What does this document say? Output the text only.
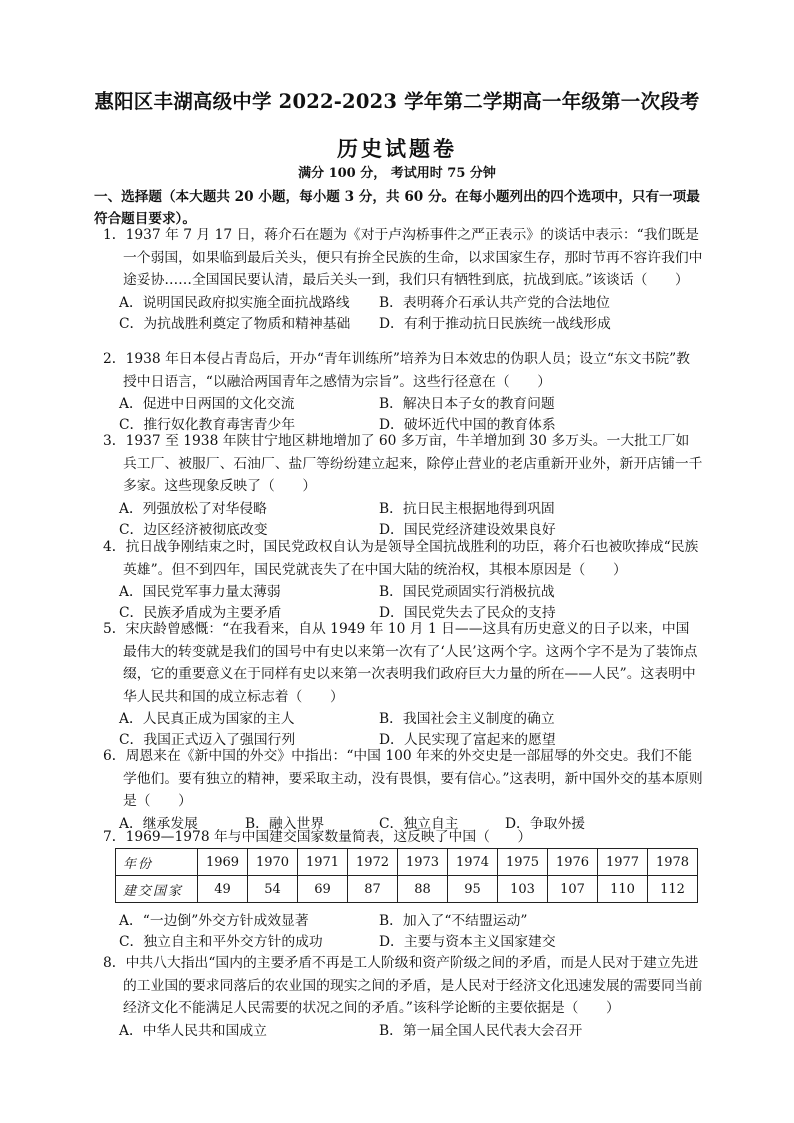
惠阳区丰湖高级中学 2022-2023 学年第二学期高一年级第一次段考
历史试题卷
满分 100 分， 考试用时 75 分钟
一、选择题（本大题共 20 小题，每小题 3 分，共 60 分。在每小题列出的四个选项中，只有一项最符合题目要求）。
1．1937 年 7 月 17 日，蒋介石在题为《对于卢沟桥事件之严正表示》的谈话中表示：“我们既是一个弱国，如果临到最后关头，便只有拚全民族的生命，以求国家生存，那时节再不容许我们中途妥协……全国国民要认清，最后关头一到，我们只有牺牲到底，抗战到底。”该谈话（　　）
A．说明国民政府拟实施全面抗战路线 B．表明蒋介石承认共产党的合法地位
C．为抗战胜利奠定了物质和精神基础 D．有利于推动抗日民族统一战线形成
2．1938 年日本侵占青岛后，开办“青年训练所”培养为日本效忠的伪职人员；设立“东文书院”教授中日语言，“以融洽两国青年之感情为宗旨”。这些行径意在（　　）
A．促进中日两国的文化交流	B．解决日本子女的教育问题
C．推行奴化教育毒害青少年	D．破坏近代中国的教育体系
3．1937 至 1938 年陕甘宁地区耕地增加了 60 多万亩，牛羊增加到 30 多万头。一大批工厂如兵工厂、被服厂、石油厂、盐厂等纷纷建立起来，除停止营业的老店重新开业外，新开店铺一千多家。这些现象反映了（　　）
A．列强放松了对华侵略	B．抗日民主根据地得到巩固
C．边区经济被彻底改变	D．国民党经济建设效果良好
4．抗日战争刚结束之时，国民党政权自认为是领导全国抗战胜利的功臣，蒋介石也被吹捧成“民族英雄”。但不到四年，国民党就丧失了在中国大陆的统治权，其根本原因是（　　）
A．国民党军事力量太薄弱	B．国民党顽固实行消极抗战
C．民族矛盾成为主要矛盾	D．国民党失去了民众的支持
5．宋庆龄曾感慨：“在我看来，自从 1949 年 10 月 1 日——这具有历史意义的日子以来，中国最伟大的转变就是我们的国号中有史以来第一次有了‘人民’这两个字。这两个字不是为了装饰点缀，它的重要意义在于同样有史以来第一次表明我们政府巨大力量的所在——人民”。这表明中华人民共和国的成立标志着（　　）
A．人民真正成为国家的主人	B．我国社会主义制度的确立
C．我国正式迈入了强国行列	D．人民实现了富起来的愿望
6．周恩来在《新中国的外交》中指出：“中国 100 年来的外交史是一部屈辱的外交史。我们不能学他们。要有独立的精神，要采取主动，没有畏惧，要有信心。”这表明，新中国外交的基本原则是（　　）
A．继承发展	B．融入世界	C．独立自主	D．争取外援
7．1969—1978 年与中国建交国家数量简表，这反映了中国（　　）
年份	1969	1970	1971	1972	1973	1974	1975	1976	1977	1978
建交国家	49	54	69	87	88	95	103	107	110	112
A．“一边倒”外交方针成效显著	B．加入了“不结盟运动”
C．独立自主和平外交方针的成功	D．主要与资本主义国家建交
8．中共八大指出“国内的主要矛盾不再是工人阶级和资产阶级之间的矛盾，而是人民对于建立先进的工业国的要求同落后的农业国的现实之间的矛盾，是人民对于经济文化迅速发展的需要同当前经济文化不能满足人民需要的状况之间的矛盾。”该科学论断的主要依据是（　　）
A．中华人民共和国成立	B．第一届全国人民代表大会召开
